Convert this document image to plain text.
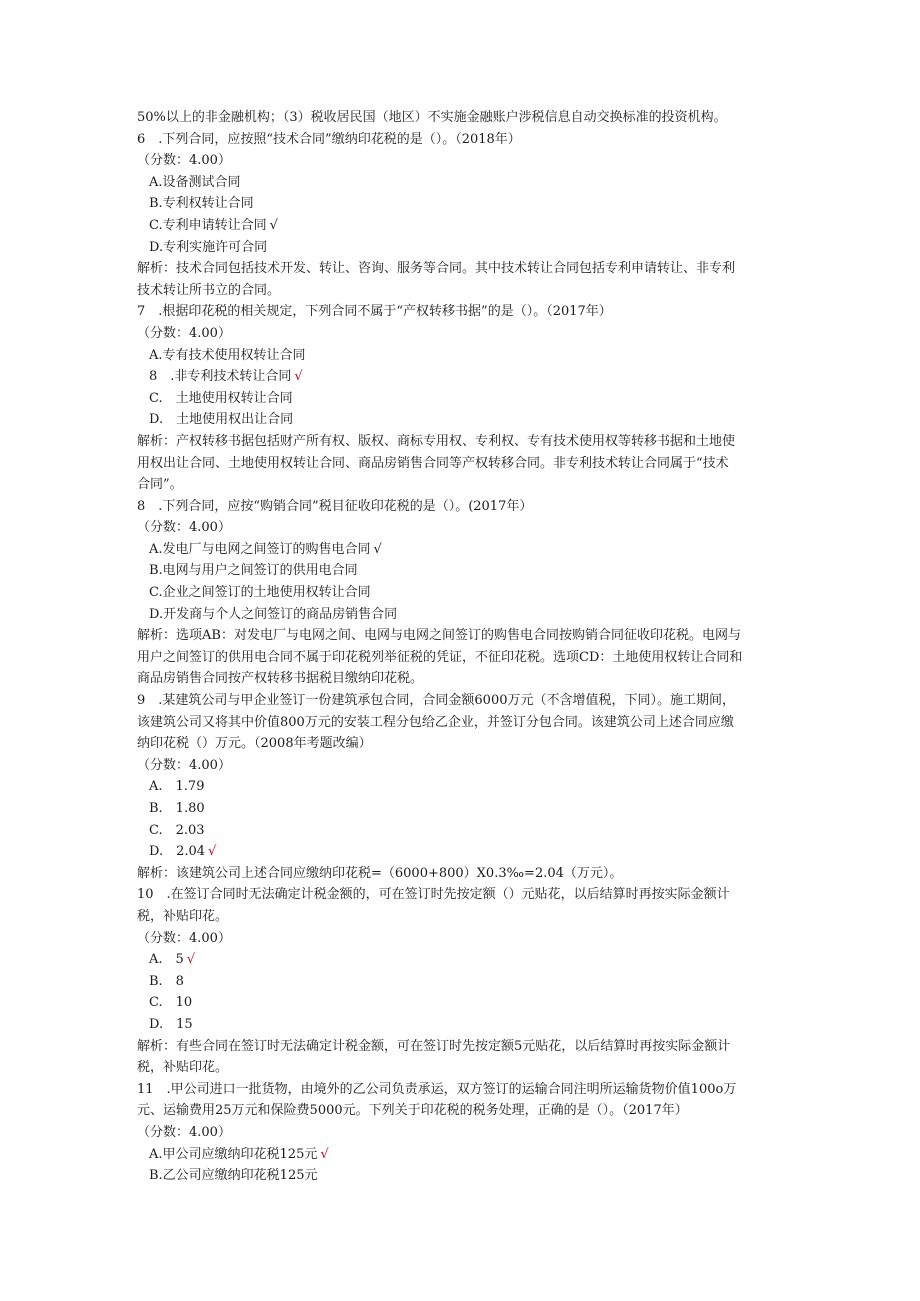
50%以上的非金融机构；（3）税收居民国（地区）不实施金融账户涉税信息自动交换标准的投资机构。
6　.下列合同，应按照“技术合同”缴纳印花税的是（）。（2018年）
（分数：4.00）
A.设备测试合同
B.专利权转让合同
C.专利申请转让合同 √
D.专利实施许可合同
解析：技术合同包括技术开发、转让、咨询、服务等合同。其中技术转让合同包括专利申请转让、非专利
技术转让所书立的合同。
7　.根据印花税的相关规定，下列合同不属于“产权转移书据”的是（）。（2017年）
（分数：4.00）
A.专有技术使用权转让合同
8　.非专利技术转让合同 √
C.　土地使用权转让合同
D.　土地使用权出让合同
解析：产权转移书据包括财产所有权、版权、商标专用权、专利权、专有技术使用权等转移书据和土地使
用权出让合同、土地使用权转让合同、商品房销售合同等产权转移合同。非专利技术转让合同属于“技术
合同”。
8　.下列合同，应按“购销合同”税目征收印花税的是（）。(2017年）
（分数：4.00）
A.发电厂与电网之间签订的购售电合同 √
B.电网与用户之间签订的供用电合同
C.企业之间签订的土地使用权转让合同
D.开发商与个人之间签订的商品房销售合同
解析：选项AB：对发电厂与电网之间、电网与电网之间签订的购售电合同按购销合同征收印花税。电网与
用户之间签订的供用电合同不属于印花税列举征税的凭证，不征印花税。选项CD：土地使用权转让合同和
商品房销售合同按产权转移书据税目缴纳印花税。
9　.某建筑公司与甲企业签订一份建筑承包合同，合同金额6000万元（不含增值税，下同）。施工期间，
该建筑公司又将其中价值800万元的安装工程分包给乙企业，并签订分包合同。该建筑公司上述合同应缴
纳印花税（）万元。（2008年考题改编）
（分数：4.00）
A.　1.79
B.　1.80
C.　2.03
D.　2.04 √
解析：该建筑公司上述合同应缴纳印花税=（6000+800）X0.3‰=2.04（万元）。
10　.在签订合同时无法确定计税金额的，可在签订时先按定额（）元贴花，以后结算时再按实际金额计
税，补贴印花。
（分数：4.00）
A.　5 √
B.　8
C.　10
D.　15
解析：有些合同在签订时无法确定计税金额，可在签订时先按定额5元贴花，以后结算时再按实际金额计
税，补贴印花。
11　.甲公司进口一批货物，由境外的乙公司负责承运，双方签订的运输合同注明所运输货物价值100o万
元、运输费用25万元和保险费5000元。下列关于印花税的税务处理，正确的是（）。（2017年）
（分数：4.00）
A.甲公司应缴纳印花税125元 √
B.乙公司应缴纳印花税125元
